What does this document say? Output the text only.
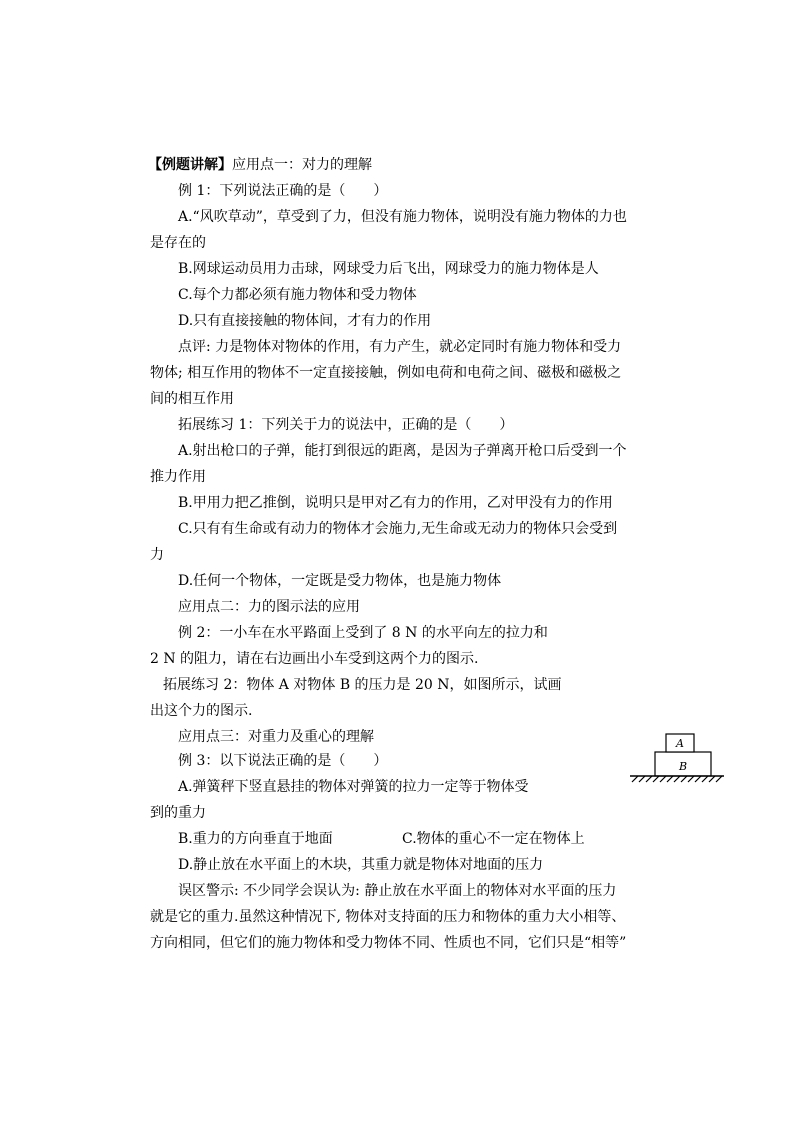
【例题讲解】应用点一：对力的理解
例 1：下列说法正确的是（　　）
A.“风吹草动”，草受到了力，但没有施力物体，说明没有施力物体的力也
是存在的
B.网球运动员用力击球，网球受力后飞出，网球受力的施力物体是人
C.每个力都必须有施力物体和受力物体
D.只有直接接触的物体间，才有力的作用
点评: 力是物体对物体的作用，有力产生，就必定同时有施力物体和受力
物体; 相互作用的物体不一定直接接触，例如电荷和电荷之间、磁极和磁极之
间的相互作用
拓展练习 1：下列关于力的说法中，正确的是（　　）
A.射出枪口的子弹，能打到很远的距离，是因为子弹离开枪口后受到一个
推力作用
B.甲用力把乙推倒，说明只是甲对乙有力的作用，乙对甲没有力的作用
C.只有有生命或有动力的物体才会施力,无生命或无动力的物体只会受到
力
D.任何一个物体，一定既是受力物体，也是施力物体
应用点二：力的图示法的应用
例 2：一小车在水平路面上受到了 8 N 的水平向左的拉力和
2 N 的阻力，请在右边画出小车受到这两个力的图示.
拓展练习 2：物体 A 对物体 B 的压力是 20 N，如图所示，试画
出这个力的图示.
应用点三：对重力及重心的理解
例 3：以下说法正确的是（　　）
A.弹簧秤下竖直悬挂的物体对弹簧的拉力一定等于物体受
到的重力
B.重力的方向垂直于地面	C.物体的重心不一定在物体上
D.静止放在水平面上的木块，其重力就是物体对地面的压力
误区警示: 不少同学会误认为: 静止放在水平面上的物体对水平面的压力
就是它的重力.虽然这种情况下, 物体对支持面的压力和物体的重力大小相等、
方向相同，但它们的施力物体和受力物体不同、性质也不同，它们只是“相等”
A
B
